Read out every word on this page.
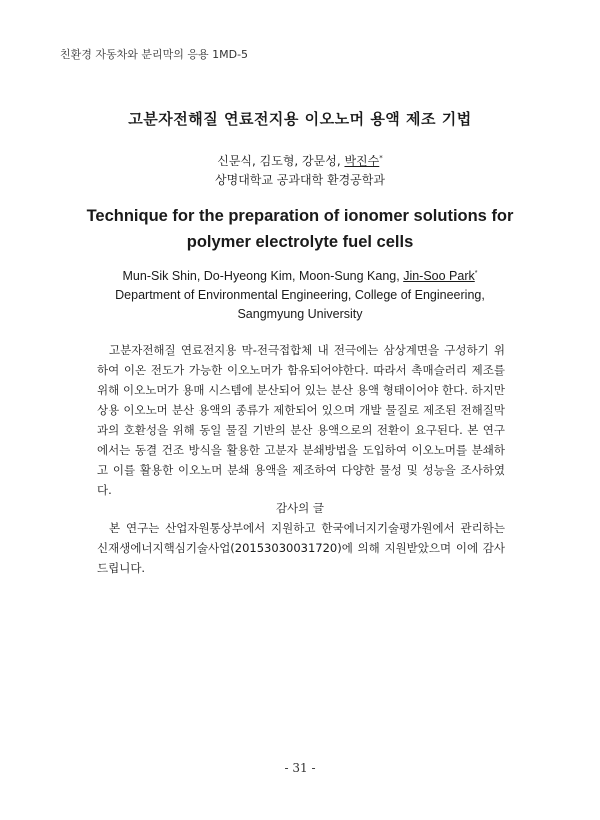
친환경 자동차와 분리막의 응용 1MD-5
고분자전해질 연료전지용 이오노머 용액 제조 기법
신문식, 김도형, 강문성, 박진수*
상명대학교 공과대학 환경공학과
Technique for the preparation of ionomer solutions for
polymer electrolyte fuel cells
Mun-Sik Shin, Do-Hyeong Kim, Moon-Sung Kang, Jin-Soo Park*
Department of Environmental Engineering, College of Engineering,
Sangmyung University

고분자전해질 연료전지용 막-전극접합체 내 전극에는 삼상계면을 구성하기 위하여 이온 전도가 가능한 이오노머가 함유되어야한다. 따라서 촉매슬러리 제조를 위해 이오노머가 용매 시스템에 분산되어 있는 분산 용액 형태이어야 한다. 하지만 상용 이오노머 분산 용액의 종류가 제한되어 있으며 개발 물질로 제조된 전해질막과의 호환성을 위해 동일 물질 기반의 분산 용액으로의 전환이 요구된다. 본 연구에서는 동결 건조 방식을 활용한 고분자 분쇄방법을 도입하여 이오노머를 분쇄하고 이를 활용한 이오노머 분쇄 용액을 제조하여 다양한 물성 및 성능을 조사하였다.

감사의 글

본 연구는 산업자원통상부에서 지원하고 한국에너지기술평가원에서 관리하는 신재생에너지핵심기술사업(20153030031720)에 의해 지원받았으며 이에 감사드립니다.

- 31 -
